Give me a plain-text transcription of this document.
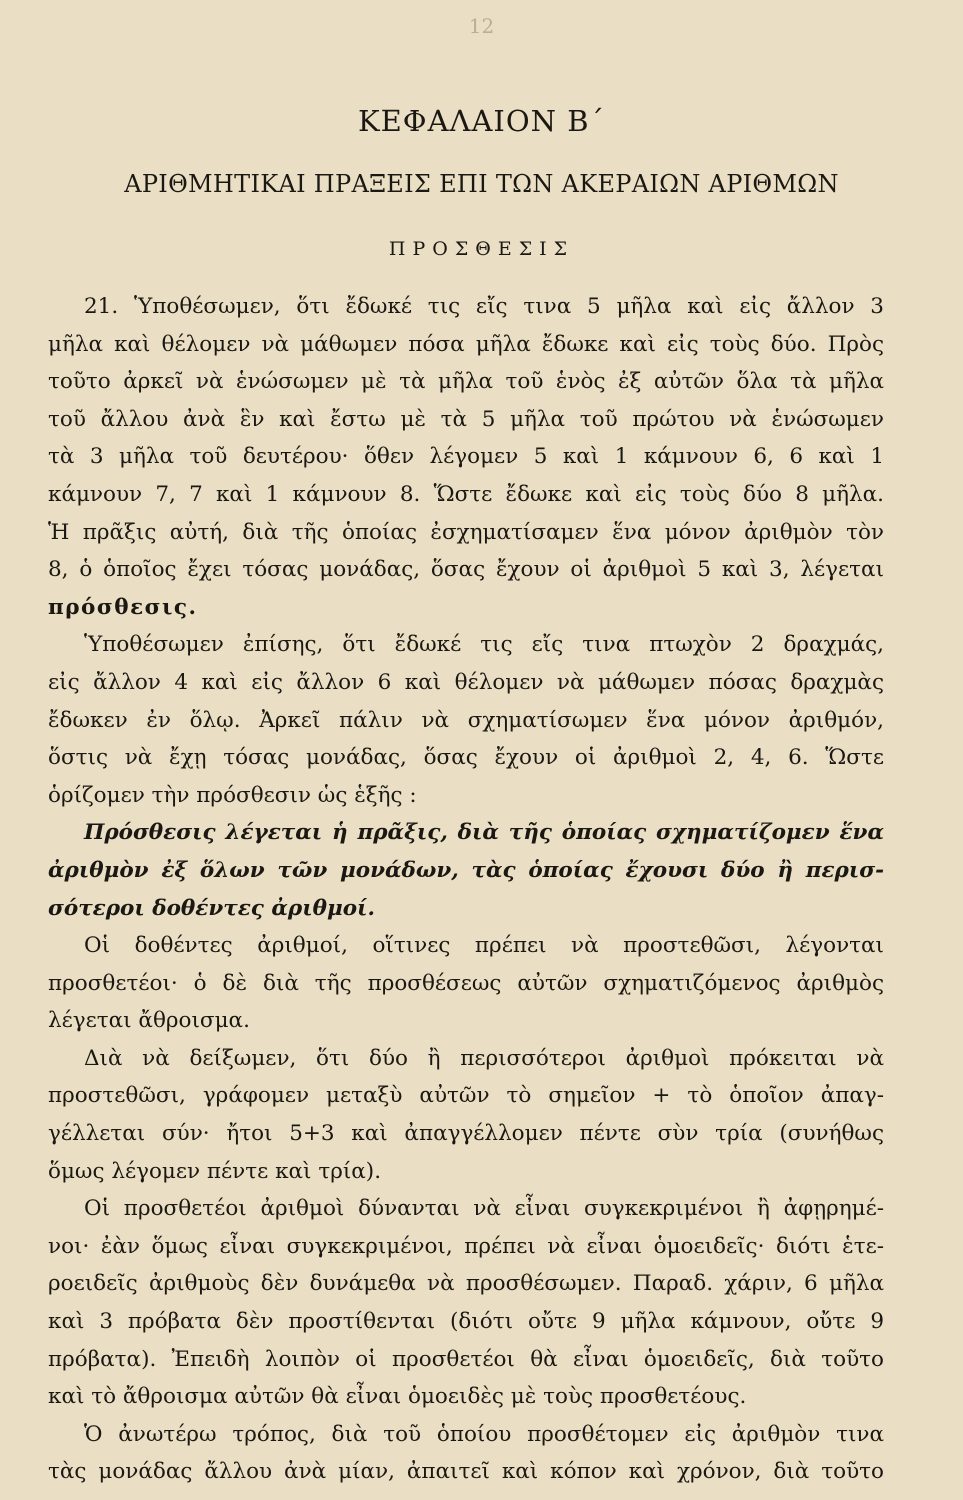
12
ΚΕΦΑΛΑΙΟΝ Β΄
ΑΡΙΘΜΗΤΙΚΑΙ ΠΡΑΞΕΙΣ ΕΠΙ ΤΩΝ ΑΚΕΡΑΙΩΝ ΑΡΙΘΜΩΝ
ΠΡΟΣΘΕΣΙΣ
21. Ὑποθέσωμεν, ὅτι ἔδωκέ τις εἴς τινα 5 μῆλα καὶ εἰς ἄλλον 3
μῆλα καὶ θέλομεν νὰ μάθωμεν πόσα μῆλα ἔδωκε καὶ εἰς τοὺς δύο. Πρὸς
τοῦτο ἀρκεῖ νὰ ἑνώσωμεν μὲ τὰ μῆλα τοῦ ἑνὸς ἐξ αὐτῶν ὅλα τὰ μῆλα
τοῦ ἄλλου ἀνὰ ἓν καὶ ἔστω μὲ τὰ 5 μῆλα τοῦ πρώτου νὰ ἑνώσωμεν
τὰ 3 μῆλα τοῦ δευτέρου· ὅθεν λέγομεν 5 καὶ 1 κάμνουν 6, 6 καὶ 1
κάμνουν 7, 7 καὶ 1 κάμνουν 8. Ὥστε ἔδωκε καὶ εἰς τοὺς δύο 8 μῆλα.
Ἡ πρᾶξις αὐτή, διὰ τῆς ὁποίας ἐσχηματίσαμεν ἕνα μόνον ἀριθμὸν τὸν
8, ὁ ὁποῖος ἔχει τόσας μονάδας, ὅσας ἔχουν οἱ ἀριθμοὶ 5 καὶ 3, λέγεται
πρόσθεσις.
Ὑποθέσωμεν ἐπίσης, ὅτι ἔδωκέ τις εἴς τινα πτωχὸν 2 δραχμάς,
εἰς ἄλλον 4 καὶ εἰς ἄλλον 6 καὶ θέλομεν νὰ μάθωμεν πόσας δραχμὰς
ἔδωκεν ἐν ὅλῳ. Ἀρκεῖ πάλιν νὰ σχηματίσωμεν ἕνα μόνον ἀριθμόν,
ὅστις νὰ ἔχῃ τόσας μονάδας, ὅσας ἔχουν οἱ ἀριθμοὶ 2, 4, 6. Ὥστε
ὁρίζομεν τὴν πρόσθεσιν ὡς ἑξῆς :
Πρόσθεσις λέγεται ἡ πρᾶξις, διὰ τῆς ὁποίας σχηματίζομεν ἕνα
ἀριθμὸν ἐξ ὅλων τῶν μονάδων, τὰς ὁποίας ἔχουσι δύο ἢ περισ-
σότεροι δοθέντες ἀριθμοί.
Οἱ δοθέντες ἀριθμοί, οἵτινες πρέπει νὰ προστεθῶσι, λέγονται
προσθετέοι· ὁ δὲ διὰ τῆς προσθέσεως αὐτῶν σχηματιζόμενος ἀριθμὸς
λέγεται ἄθροισμα.
Διὰ νὰ δείξωμεν, ὅτι δύο ἢ περισσότεροι ἀριθμοὶ πρόκειται νὰ
προστεθῶσι, γράφομεν μεταξὺ αὐτῶν τὸ σημεῖον + τὸ ὁποῖον ἀπαγ-
γέλλεται σύν· ἤτοι 5+3 καὶ ἀπαγγέλλομεν πέντε σὺν τρία (συνήθως
ὅμως λέγομεν πέντε καὶ τρία).
Οἱ προσθετέοι ἀριθμοὶ δύνανται νὰ εἶναι συγκεκριμένοι ἢ ἀφῃρημέ-
νοι· ἐὰν ὅμως εἶναι συγκεκριμένοι, πρέπει νὰ εἶναι ὁμοειδεῖς· διότι ἑτε-
ροειδεῖς ἀριθμοὺς δὲν δυνάμεθα νὰ προσθέσωμεν. Παραδ. χάριν, 6 μῆλα
καὶ 3 πρόβατα δὲν προστίθενται (διότι οὔτε 9 μῆλα κάμνουν, οὔτε 9
πρόβατα). Ἐπειδὴ λοιπὸν οἱ προσθετέοι θὰ εἶναι ὁμοειδεῖς, διὰ τοῦτο
καὶ τὸ ἄθροισμα αὐτῶν θὰ εἶναι ὁμοειδὲς μὲ τοὺς προσθετέους.
Ὁ ἀνωτέρω τρόπος, διὰ τοῦ ὁποίου προσθέτομεν εἰς ἀριθμὸν τινα
τὰς μονάδας ἄλλου ἀνὰ μίαν, ἀπαιτεῖ καὶ κόπον καὶ χρόνον, διὰ τοῦτο
